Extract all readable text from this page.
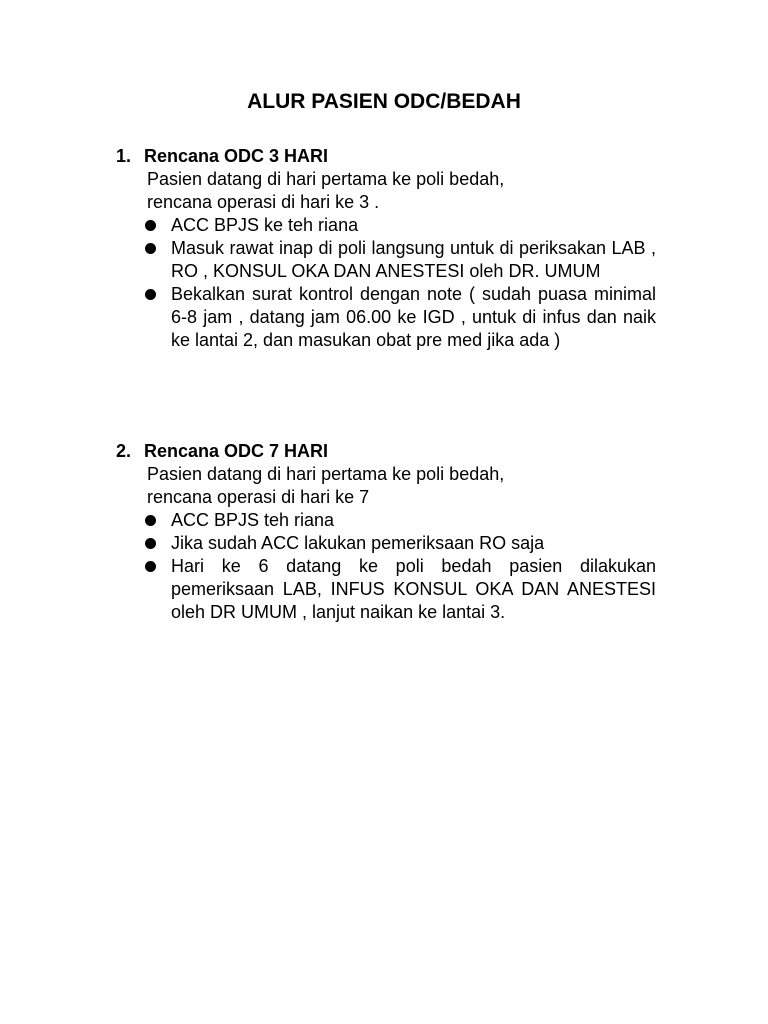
ALUR PASIEN ODC/BEDAH
1. Rencana ODC 3 HARI
Pasien datang di hari pertama ke poli bedah,
rencana operasi di hari ke 3 .
ACC BPJS ke teh riana
Masuk rawat inap di poli langsung untuk di periksakan LAB , RO , KONSUL OKA DAN ANESTESI oleh DR. UMUM
Bekalkan surat kontrol dengan note ( sudah puasa minimal 6-8 jam , datang jam 06.00 ke IGD , untuk di infus dan naik ke lantai 2, dan masukan obat pre med jika ada )
2. Rencana ODC 7 HARI
Pasien datang di hari pertama ke poli bedah,
rencana operasi di hari ke 7
ACC BPJS teh riana
Jika sudah ACC lakukan pemeriksaan RO saja
Hari ke 6 datang ke poli bedah pasien dilakukan pemeriksaan LAB, INFUS KONSUL OKA DAN ANESTESI oleh DR UMUM , lanjut naikan ke lantai 3.
